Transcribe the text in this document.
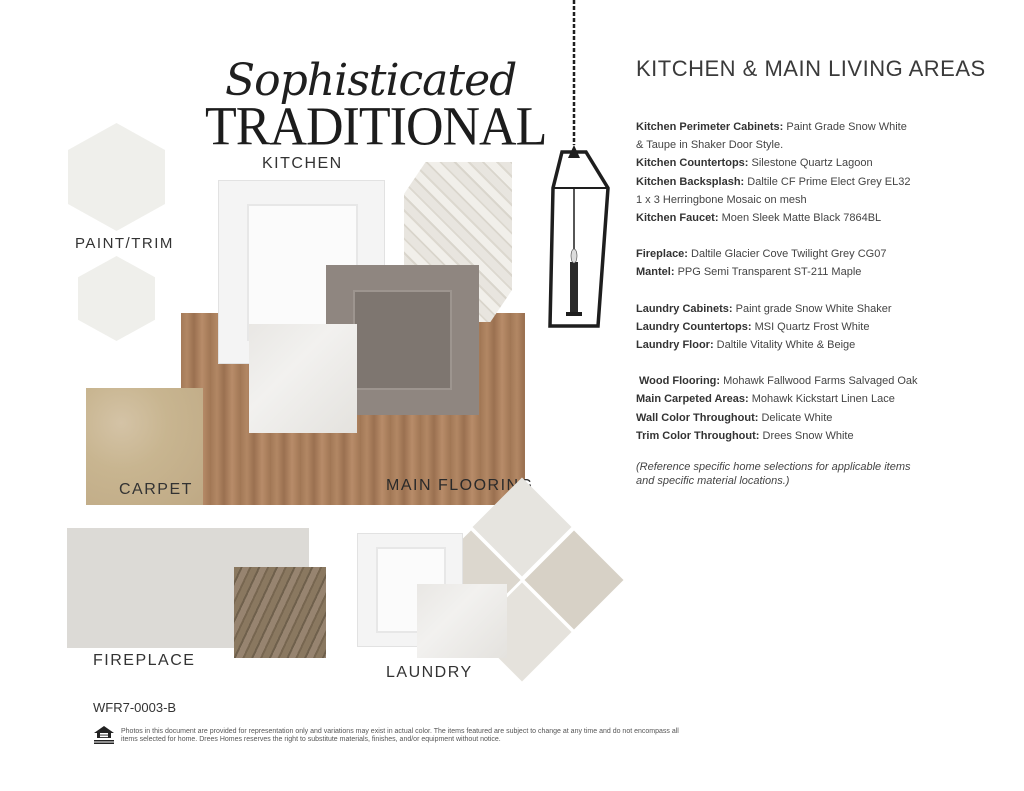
Sophisticated
TRADITIONAL
PAINT/TRIM
KITCHEN
CARPET	MAIN FLOORING
FIREPLACE
LAUNDRY
KITCHEN & MAIN LIVING AREAS
Kitchen Perimeter Cabinets: Paint Grade Snow White
& Taupe in Shaker Door Style.
Kitchen Countertops: Silestone Quartz Lagoon
Kitchen Backsplash: Daltile CF Prime Elect Grey EL32
1 x 3 Herringbone Mosaic on mesh
Kitchen Faucet: Moen Sleek Matte Black 7864BL
Fireplace: Daltile Glacier Cove Twilight Grey CG07
Mantel: PPG Semi Transparent ST-211 Maple
Laundry Cabinets: Paint grade Snow White Shaker
Laundry Countertops: MSI Quartz Frost White
Laundry Floor: Daltile Vitality White & Beige
Wood Flooring: Mohawk Fallwood Farms Salvaged Oak
Main Carpeted Areas: Mohawk Kickstart Linen Lace
Wall Color Throughout: Delicate White
Trim Color Throughout: Drees Snow White
(Reference specific home selections for applicable items and specific material locations.)
WFR7-0003-B
Photos in this document are provided for representation only and variations may exist in actual color. The items featured are subject to change at any time and do not encompass all items selected for home. Drees Homes reserves the right to substitute materials, finishes, and/or equipment without notice.
